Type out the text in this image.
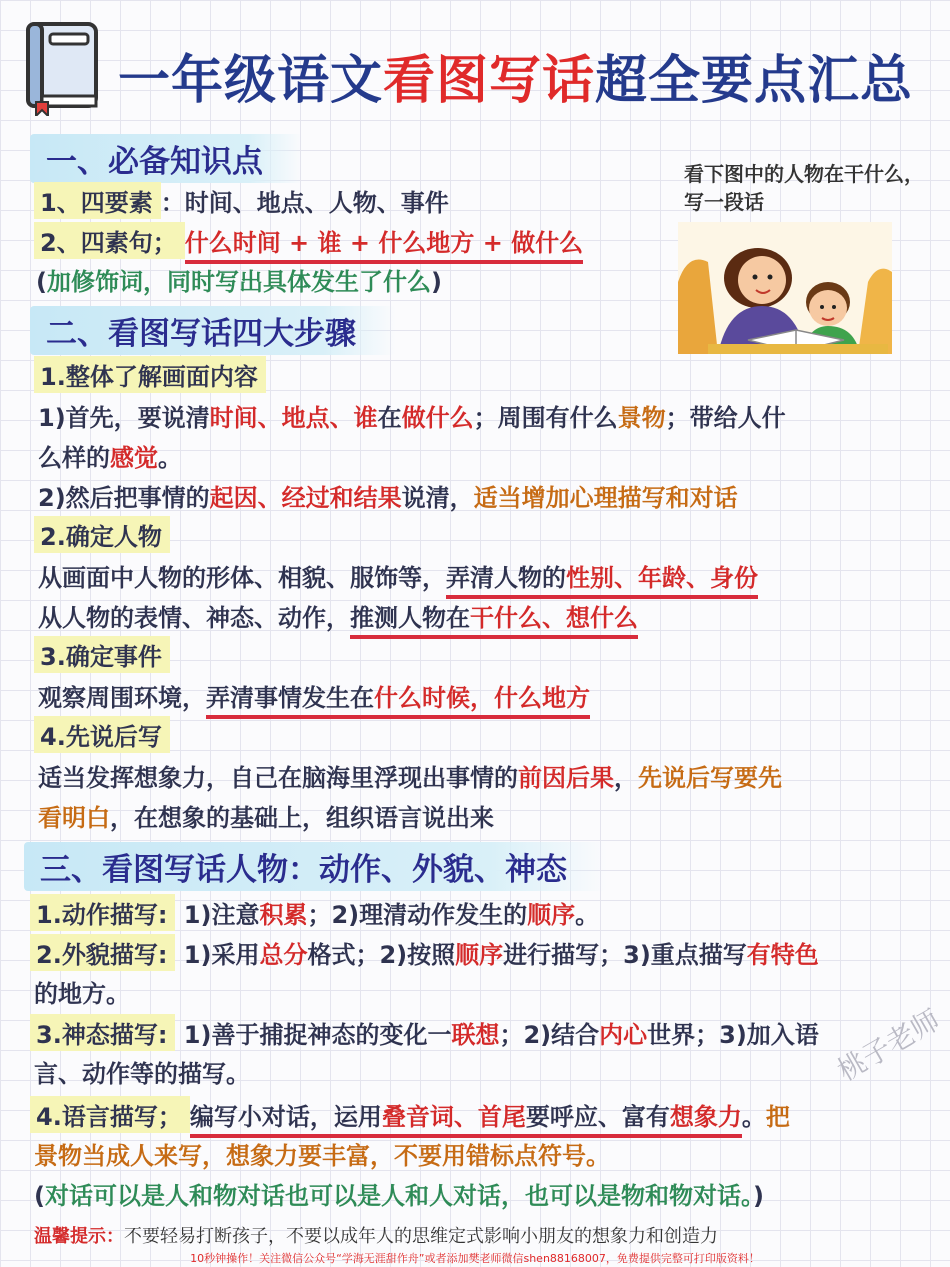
一年级语文看图写话超全要点汇总
一、必备知识点
1、四要素 ：时间、地点、人物、事件
2、四素句； 什么时间 + 谁 + 什么地方 + 做什么
(加修饰词，同时写出具体发生了什么)
看下图中的人物在干什么，写一段话
二、看图写话四大步骤
1.整体了解画面内容
1)首先，要说清时间、地点、谁在做什么；周围有什么景物；带给人什
么样的感觉。
2)然后把事情的起因、经过和结果说清，适当增加心理描写和对话
2.确定人物
从画面中人物的形体、相貌、服饰等，弄清人物的性别、年龄、身份
从人物的表情、神态、动作，推测人物在干什么、想什么
3.确定事件
观察周围环境，弄清事情发生在什么时候，什么地方
4.先说后写
适当发挥想象力，自己在脑海里浮现出事情的前因后果，先说后写要先
看明白，在想象的基础上，组织语言说出来
三、看图写话人物：动作、外貌、神态
1.动作描写: 1)注意积累；2)理清动作发生的顺序。
2.外貌描写: 1)采用总分格式；2)按照顺序进行描写；3)重点描写有特色
的地方。
3.神态描写: 1)善于捕捉神态的变化一联想；2)结合内心世界；3)加入语
言、动作等的描写。
4.语言描写； 编写小对话，运用叠音词、首尾要呼应、富有想象力。把
景物当成人来写，想象力要丰富，不要用错标点符号。
(对话可以是人和物对话也可以是人和人对话，也可以是物和物对话。)
桃子老师
温馨提示：不要轻易打断孩子，不要以成年人的思维定式影响小朋友的想象力和创造力
10秒钟操作！关注微信公众号“学海无涯甜作舟”或者添加樊老师微信shen88168007，免费提供完整可打印版资料！
